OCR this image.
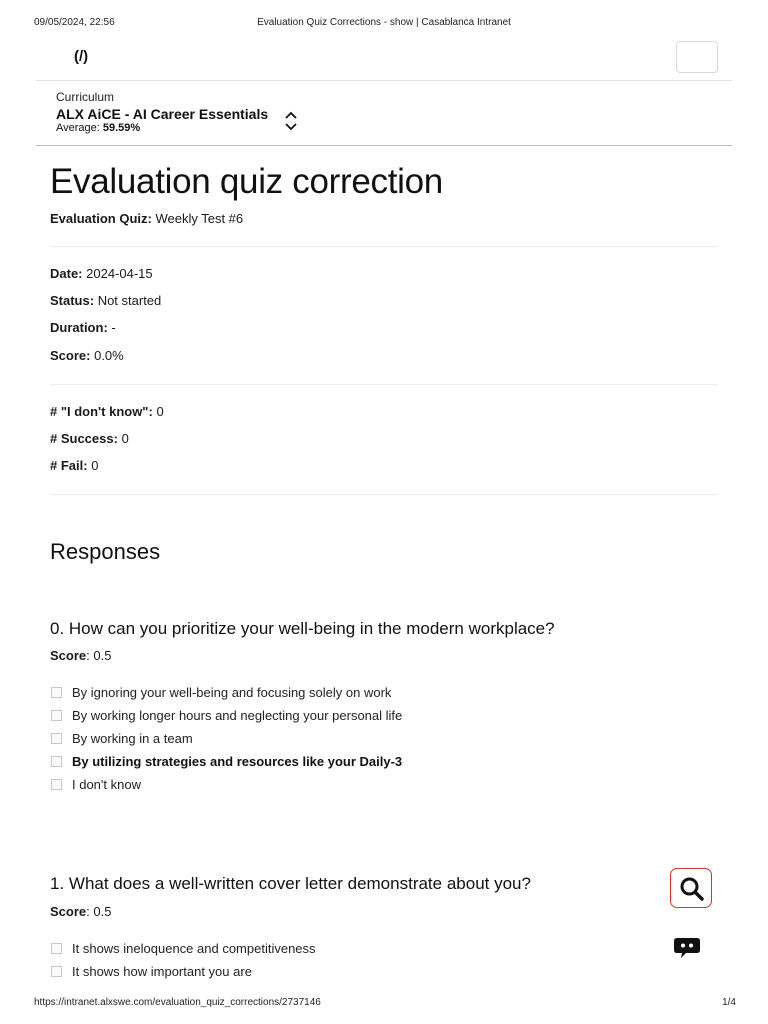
09/05/2024, 22:56	Evaluation Quiz Corrections - show | Casablanca Intranet
(/)
Curriculum
ALX AiCE - AI Career Essentials
Average: 59.59%
Evaluation quiz correction
Evaluation Quiz: Weekly Test #6
Date: 2024-04-15
Status: Not started
Duration: -
Score: 0.0%
# "I don't know": 0
# Success: 0
# Fail: 0
Responses
0. How can you prioritize your well-being in the modern workplace?
Score: 0.5
By ignoring your well-being and focusing solely on work
By working longer hours and neglecting your personal life
By working in a team
By utilizing strategies and resources like your Daily-3
I don't know
1. What does a well-written cover letter demonstrate about you?
Score: 0.5
It shows ineloquence and competitiveness
It shows how important you are
https://intranet.alxswe.com/evaluation_quiz_corrections/2737146	1/4
